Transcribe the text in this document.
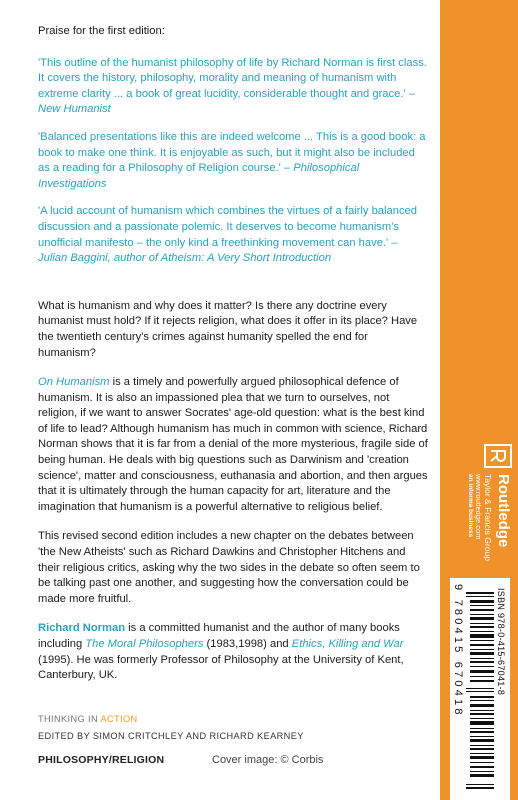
Praise for the first edition:

'This outline of the humanist philosophy of life by Richard Norman is first class. It covers the history, philosophy, morality and meaning of humanism with extreme clarity ... a book of great lucidity, considerable thought and grace.' – New Humanist

'Balanced presentations like this are indeed welcome ... This is a good book: a book to make one think. It is enjoyable as such, but it might also be included as a reading for a Philosophy of Religion course.' – Philosophical Investigations

'A lucid account of humanism which combines the virtues of a fairly balanced discussion and a passionate polemic. It deserves to become humanism's unofficial manifesto – the only kind a freethinking movement can have.' – Julian Baggini, author of Atheism: A Very Short Introduction

What is humanism and why does it matter? Is there any doctrine every humanist must hold? If it rejects religion, what does it offer in its place? Have the twentieth century's crimes against humanity spelled the end for humanism?

On Humanism is a timely and powerfully argued philosophical defence of humanism. It is also an impassioned plea that we turn to ourselves, not religion, if we want to answer Socrates' age-old question: what is the best kind of life to lead? Although humanism has much in common with science, Richard Norman shows that it is far from a denial of the more mysterious, fragile side of being human. He deals with big questions such as Darwinism and 'creation science', matter and consciousness, euthanasia and abortion, and then argues that it is ultimately through the human capacity for art, literature and the imagination that humanism is a powerful alternative to religious belief.

This revised second edition includes a new chapter on the debates between 'the New Atheists' such as Richard Dawkins and Christopher Hitchens and their religious critics, asking why the two sides in the debate so often seem to be talking past one another, and suggesting how the conversation could be made more fruitful.

Richard Norman is a committed humanist and the author of many books including The Moral Philosophers (1983,1998) and Ethics, Killing and War (1995). He was formerly Professor of Philosophy at the University of Kent, Canterbury, UK.

THINKING IN ACTION
EDITED BY SIMON CRITCHLEY AND RICHARD KEARNEY
PHILOSOPHY/RELIGION	Cover image: © Corbis
Routledge
Taylor & Francis Group
www.routledge.com
an informa business
ISBN 978-0-415-67041-8
9 780415 670418
